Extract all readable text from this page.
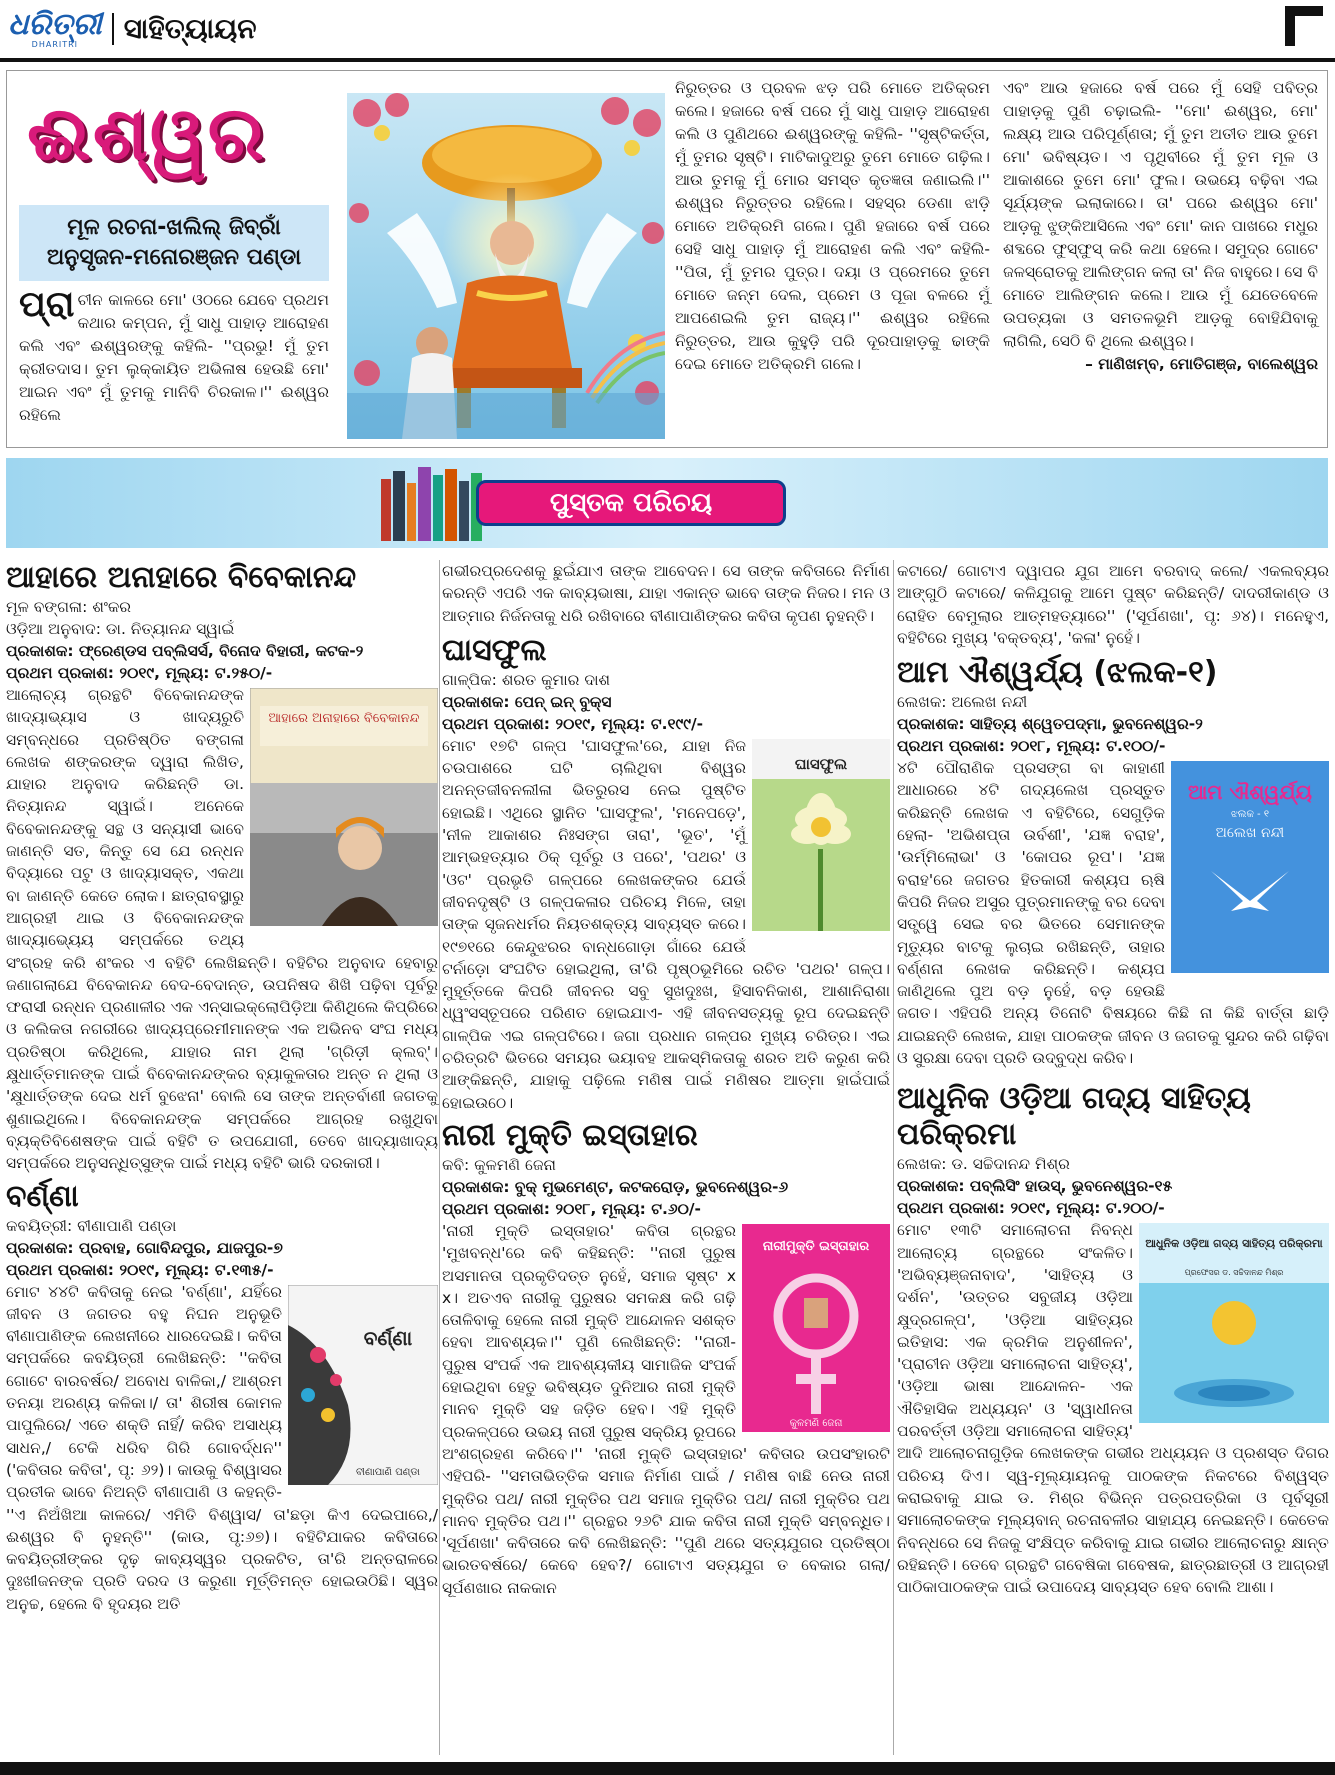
ଧରିତ୍ରୀ
DHARITRI ସାହିତ୍ୟାୟନ
ଈଶ୍ୱର
ମୂଳ ରଚନା-ଖଲିଲ୍ ଜିବ୍ରାଁ
ଅନୁସୃଜନ-ମନୋରଞ୍ଜନ ପଣ୍ଡା
ପ୍ରା ଚୀନ କାଳରେ ମୋ' ଓଠରେ ଯେବେ ପ୍ରଥମ କଥାର କମ୍ପନ, ମୁଁ ସାଧୁ ପାହାଡ଼ ଆରୋହଣ କଲି ଏବଂ ଈଶ୍ୱରଙ୍କୁ କହିଲି- ''ପ୍ରଭୁ! ମୁଁ ତୁମ କ୍ରୀତଦାସ। ତୁମ ଲୁକ୍କାୟିତ ଅଭିଳାଷ ହେଉଛି ମୋ' ଆଇନ ଏବଂ ମୁଁ ତୁମକୁ ମାନିବି ଚିରକାଳ।'' ଈଶ୍ୱର ରହିଲେ
ନିରୁତ୍ତର ଓ ପ୍ରବଳ ଝଡ଼ ପରି ମୋତେ ଅତିକ୍ରମ କଲେ। ହଜାରେ ବର୍ଷ ପରେ ମୁଁ ସାଧୁ ପାହାଡ଼ ଆରୋହଣ କଲି ଓ ପୁଣିଥରେ ଈଶ୍ୱରଙ୍କୁ କହିଲି- ''ସୃଷ୍ଟିକର୍ତ୍ତା, ମୁଁ ତୁମର ସୃଷ୍ଟି। ମାଟିକାଦୁଅରୁ ତୁମେ ମୋତେ ଗଢ଼ିଲ। ଆଉ ତୁମକୁ ମୁଁ ମୋର ସମସ୍ତ କୃତଜ୍ଞତା ଜଣାଇଲି।'' ଈଶ୍ୱର ନିରୁତ୍ତର ରହିଲେ। ସହସ୍ର ଡେଣା ଝାଡ଼ି ମୋତେ ଅତିକ୍ରମି ଗଲେ। ପୁଣି ହଜାରେ ବର୍ଷ ପରେ ସେହି ସାଧୁ ପାହାଡ଼ ମୁଁ ଆରୋହଣ କଲି ଏବଂ କହିଲି- ''ପିତା, ମୁଁ ତୁମର ପୁତ୍ର। ଦୟା ଓ ପ୍ରେମରେ ତୁମେ ମୋତେ ଜନ୍ମ ଦେଲ, ପ୍ରେମ ଓ ପୂଜା ବଳରେ ମୁଁ ଆପଣେଇଲି ତୁମ ରାଜ୍ୟ।'' ଈଶ୍ୱର ରହିଲେ ନିରୁତ୍ତର, ଆଉ କୁହୁଡ଼ି ପରି ଦୂରପାହାଡ଼କୁ ଢାଙ୍କି ଦେଇ ମୋତେ ଅତିକ୍ରମି ଗଲେ।
ଏବଂ ଆଉ ହଜାରେ ବର୍ଷ ପରେ ମୁଁ ସେହି ପବିତ୍ର ପାହାଡ଼କୁ ପୁଣି ଚଢ଼ାଇଲି- ''ମୋ' ଈଶ୍ୱର, ମୋ' ଲକ୍ଷ୍ୟ ଆଉ ପରିପୂର୍ଣ୍ଣତା; ମୁଁ ତୁମ ଅତୀତ ଆଉ ତୁମେ ମୋ' ଭବିଷ୍ୟତ। ଏ ପୃଥିବୀରେ ମୁଁ ତୁମ ମୂଳ ଓ ଆକାଶରେ ତୁମେ ମୋ' ଫୁଲ। ଉଭୟେ ବଢ଼ିବା ଏଇ ସୂର୍ଯ୍ୟଙ୍କ ଇଲାକାରେ। ତା' ପରେ ଈଶ୍ୱର ମୋ' ଆଡ଼କୁ ଝୁଙ୍କିଆସିଲେ ଏବଂ ମୋ' କାନ ପାଖରେ ମଧୁର ଶବ୍ଦରେ ଫୁସ୍‌ଫୁସ୍ କରି କଥା ହେଲେ। ସମୁଦ୍ର ଗୋଟେ ଜଳସ୍ରୋତକୁ ଆଲିଙ୍ଗନ କଲା ତା' ନିଜ ବାହୁରେ। ସେ ବି ମୋତେ ଆଲିଙ୍ଗନ କଲେ। ଆଉ ମୁଁ ଯେତେବେଳେ ଉପତ୍ୟକା ଓ ସମତଳଭୂମି ଆଡ଼କୁ ବୋହିଯିବାକୁ ଲାଗିଲି, ସେଠି ବି ଥିଲେ ଈଶ୍ୱର।
– ମାଣିଖମ୍ବ, ମୋତିଗଞ୍ଜ, ବାଲେଶ୍ୱର
ପୁସ୍ତକ ପରିଚୟ
ଆହାରେ ଅନାହାରେ ବିବେକାନନ୍ଦ
ମୂଳ ବଙ୍ଗଳା: ଶଂକର
ଓଡ଼ିଆ ଅନୁବାଦ: ଡା. ନିତ୍ୟାନନ୍ଦ ସ୍ୱାଇଁ
ପ୍ରକାଶକ: ଫ୍ରେଣ୍ଡସ ପବ୍ଲିସର୍ସ, ବିନୋଦ ବିହାରୀ, କଟକ-୨
ପ୍ରଥମ ପ୍ରକାଶ: ୨୦୧୯, ମୂଲ୍ୟ: ଟ.୨୫୦/-
ଆହାରେ ଅନାହାରେ ବିବେକାନନ୍ଦ
ଆଲୋଚ୍ୟ ଗ୍ରନ୍ଥଟି ବିବେକାନନ୍ଦଙ୍କ ଖାଦ୍ୟାଭ୍ୟାସ ଓ ଖାଦ୍ୟରୁଚି ସମ୍ବନ୍ଧରେ ପ୍ରତିଷ୍ଠିତ ବଙ୍ଗଳା ଲେଖକ ଶଙ୍କରଙ୍କ ଦ୍ୱାରା ଲିଖିତ, ଯାହାର ଅନୁବାଦ କରିଛନ୍ତି ଡା. ନିତ୍ୟାନନ୍ଦ ସ୍ୱାଇଁ। ଅନେକେ ବିବେକାନନ୍ଦଙ୍କୁ ସନ୍ଥ ଓ ସନ୍ୟାସୀ ଭାବେ ଜାଣନ୍ତି ସତ, କିନ୍ତୁ ସେ ଯେ ରନ୍ଧନ ବିଦ୍ୟାରେ ପଟୁ ଓ ଖାଦ୍ୟାସକ୍ତ, ଏକଥା ବା ଜାଣନ୍ତି କେତେ ଲୋକ। ଛାତ୍ରାବସ୍ଥାରୁ ଆଗ୍ରହୀ ଥାଇ ଓ ବିବେକାନନ୍ଦଙ୍କ ଖାଦ୍ୟାଭ୍ୟେୟ ସମ୍ପର୍କରେ ତଥ୍ୟ ସଂଗ୍ରହ କରି ଶଂକର ଏ ବହିଟି ଲେଖିଛନ୍ତି। ବହିଟିର ଅନୁବାଦ ହେବାରୁ ଜଣାଗଲାଯେ ବିବେକାନନ୍ଦ ବେଦ-ବେଦାନ୍ତ, ଉପନିଷଦ ଶିଖି ପଢ଼ିବା ପୂର୍ବରୁ ଫରାସୀ ରନ୍ଧନ ପ୍ରଣାଳୀର ଏକ ଏନ୍‌ସାଇକ୍ଲୋପିଡ଼ିଆ କିଣିଥିଲେ କିପ୍ରିରେ ଓ କଲିକତା ନଗରୀରେ ଖାଦ୍ୟପ୍ରେମୀମାନଙ୍କ ଏକ ଅଭିନବ ସଂଘ ମଧ୍ୟ ପ୍ରତିଷ୍ଠା କରିଥିଲେ, ଯାହାର ନାମ ଥିଲା 'ଗ୍ରିଡ଼ୀ କ୍ଲବ୍'। କ୍ଷୁଧାର୍ତ୍ତମାନଙ୍କ ପାଇଁ ବିବେକାନନ୍ଦଙ୍କର ବ୍ୟାକୁଳତାର ଅନ୍ତ ନ ଥିଲା ଓ 'କ୍ଷୁଧାର୍ତ୍ତଙ୍କ ଦେଇ ଧର୍ମ ବୁଝେନା' ବୋଲି ସେ ତାଙ୍କ ଅନ୍ତର୍ବାଣୀ ଜଗତକୁ ଶୁଣାଇଥିଲେ। ବିବେକାନନ୍ଦଙ୍କ ସମ୍ପର୍କରେ ଆଗ୍ରହ ରଖୁଥିବା ବ୍ୟକ୍ତିବିଶେଷଙ୍କ ପାଇଁ ବହିଟି ତ ଉପଯୋଗୀ, ତେବେ ଖାଦ୍ୟାଖାଦ୍ୟ ସମ୍ପର୍କରେ ଅନୁସନ୍ଧିତ୍ସୁଙ୍କ ପାଇଁ ମଧ୍ୟ ବହିଟି ଭାରି ଦରକାରୀ।
ବର୍ଣ୍ଣା
କବୟିତ୍ରୀ: ବୀଣାପାଣି ପଣ୍ଡା
ପ୍ରକାଶକ: ପ୍ରବାହ, ଗୋବିନ୍ଦପୁର, ଯାଜପୁର-୭
ପ୍ରଥମ ପ୍ରକାଶ: ୨୦୧୯, ମୂଲ୍ୟ: ଟ.୧୩୫/-
ବର୍ଣ୍ଣା
ବୀଣାପାଣି ପଣ୍ଡା
ମୋଟ ୪୪ଟି କବିତାକୁ ନେଇ 'ବର୍ଣ୍ଣା', ଯହିଁରେ ଜୀବନ ଓ ଜଗତର ବହୁ ନିଘନ ଅନୁଭୂତି ବୀଣାପାଣିଙ୍କ ଲେଖନୀରେ ଧାରଦେଇଛି। କବିତା ସମ୍ପର୍କରେ କବୟିତ୍ରୀ ଲେଖିଛନ୍ତି: ''କବିତା ଗୋଟେ ବାରବର୍ଷର/ ଅବୋଧ ବାଳିକା,/ ଆଶ୍ରମ ତନୟା ଅରଣ୍ୟ କଳିକା।/ ତା' ଶିରୀଷ କୋମଳ ପାପୁଲିରେ/ ଏତେ ଶକ୍ତି ନାହିଁ/ କରିବ ଅସାଧ୍ୟ ସାଧନ,/ ଟେକି ଧରିବ ଗିରି ଗୋବର୍ଦ୍ଧନ'' ('କବିତାର କବିତା', ପୃ: ୬୨)। କାଉକୁ ବିଶ୍ୱାସର ପ୍ରତୀକ ଭାବେ ନିଅନ୍ତି ବୀଣାପାଣି ଓ କହନ୍ତି- ''ଏ ନିଅଁଖିଆ କାଳରେ/ ଏମିତି ବିଶ୍ୱାସ/ ତା'ଛଡ଼ା କିଏ ଦେଇପାରେ,/ ଈଶ୍ୱର ବି ନୁହନ୍ତି'' (କାଉ, ପୃ:୬୭)। ବହିଟିଯାକର କବିତାରେ କବୟିତ୍ରୀଙ୍କର ଦୃଢ଼ କାବ୍ୟସ୍ୱର ପ୍ରକଟିତ, ତା'ରି ଅନ୍ତରାଳରେ ଦୁଃଖୀଜନଙ୍କ ପ୍ରତି ଦରଦ ଓ କରୁଣା ମୂର୍ତ୍ତିମନ୍ତ ହୋଇଉଠିଛି। ସ୍ୱର ଅନୁଚ୍ଚ, ହେଲେ ବି ହୃଦୟର ଅତି
ଗଭୀରପ୍ରଦେଶକୁ ଛୁଇଁଯାଏ ତାଙ୍କ ଆବେଦନ। ସେ ତାଙ୍କ କବିତାରେ ନିର୍ମାଣ କରନ୍ତି ଏପରି ଏକ କାବ୍ୟଭାଷା, ଯାହା ଏକାନ୍ତ ଭାବେ ତାଙ୍କ ନିଜର। ମନ ଓ ଆତ୍ମାର ନିର୍ଜନତାକୁ ଧରି ରଖିବାରେ ବୀଣାପାଣିଙ୍କର କବିତା କୃପଣ ନୁହନ୍ତି।
ଘାସଫୁଲ
ଗାଳ୍ପିକ: ଶରତ କୁମାର ଦାଶ
ପ୍ରକାଶକ: ପେନ୍ ଇନ୍ ବୁକ୍ସ
ପ୍ରଥମ ପ୍ରକାଶ: ୨୦୧୯, ମୂଲ୍ୟ: ଟ.୧୯୯/-
ଘାସଫୁଲ
ମୋଟ ୧୭ଟି ଗଳ୍ପ 'ଘାସଫୁଲ'ରେ, ଯାହା ନିଜ ଚଉପାଶରେ ଘଟି ଚାଲିଥିବା ବିଶ୍ୱର ଅନନ୍ତଜୀବନଲୀଳା ଭିତରୁରସ ନେଇ ପୁଷ୍ଟିତ ହୋଇଛି। ଏଥିରେ ସ୍ଥାନିତ 'ଘାସଫୁଲ', 'ମନେପଡ଼େ', 'ନୀଳ ଆକାଶର ନିଃସଙ୍ଗ ତାରା', 'ଭୂତ', 'ମୁଁ ଆମ୍ଭହତ୍ୟାର ଠିକ୍ ପୂର୍ବରୁ ଓ ପରେ', 'ପଥର' ଓ 'ଓଟ' ପ୍ରଭୃତି ଗଳ୍ପରେ ଲେଖକଙ୍କର ଯେଉଁ ଜୀବନଦୃଷ୍ଟି ଓ ଗଳ୍ପକଳାର ପରିଚୟ ମିଳେ, ତାହା ତାଙ୍କ ସୃଜନଧର୍ମର ନିୟତଶକ୍ତ୍ୟ ସାବ୍ୟସ୍ତ କରେ। ୧୯୭୧ରେ କେନ୍ଦୁଝରର ବାନ୍ଧଗୋଡ଼ା ଗାଁରେ ଯେଉଁ ଟର୍ନାଡ଼ୋ ସଂଘଟିତ ହୋଇଥିଲା, ତା'ରି ପୃଷ୍ଠଭୂମିରେ ରଚିତ 'ପଥର' ଗଳ୍ପ। ମୁହୂର୍ତ୍ତକେ କିପରି ଜୀବନର ସବୁ ସୁଖଦୁଃଖ, ହିସାବନିକାଶ, ଆଶାନିରାଶା ଧ୍ୱଂସସ୍ତୂପରେ ପରିଣତ ହୋଇଯାଏ- ଏହି ଜୀବନସତ୍ୟକୁ ରୂପ ଦେଇଛନ୍ତି ଗାଳ୍ପିକ ଏଇ ଗଳ୍ପଟିରେ। ଜଗା ପ୍ରଧାନ ଗଳ୍ପର ମୁଖ୍ୟ ଚରିତ୍ର। ଏଇ ଚରିତ୍ରଟି ଭିତରେ ସମୟର ଭୟାବହ ଆକସ୍ମିକତାକୁ ଶରତ ଅତି କରୁଣ କରି ଆଙ୍କିଛନ୍ତି, ଯାହାକୁ ପଢ଼ିଲେ ମଣିଷ ପାଇଁ ମଣିଷର ଆତ୍ମା ହାଇଁପାଇଁ ହୋଇଉଠେ।
ନାରୀ ମୁକ୍ତି ଇସ୍ତାହାର
କବି: କୁଳମଣି ଜେନା
ପ୍ରକାଶକ: ବୁକ୍ ମୁଭମେଣ୍ଟ, କଟକରୋଡ଼, ଭୁବନେଶ୍ୱର-୬
ପ୍ରଥମ ପ୍ରକାଶ: ୨୦୧୮, ମୂଲ୍ୟ: ଟ.୬୦/-
ନାରୀମୁକ୍ତି ଇସ୍ତାହାର
କୁଳମଣି ଜେନା
'ନାରୀ ମୁକ୍ତି ଇସ୍ତାହାର' କବିତା ଗ୍ରନ୍ଥର 'ମୁଖବନ୍ଧ'ରେ କବି କହିଛନ୍ତି: ''ନାରୀ ପୁରୁଷ ଅସମାନତା ପ୍ରକୃତିଦତ୍ତ ନୁହେଁ, ସମାଜ ସୃଷ୍ଟ x x। ଅତଏବ ନାରୀକୁ ପୁରୁଷର ସମକକ୍ଷ କରି ଗଢ଼ି ତୋଳିବାକୁ ହେଲେ ନାରୀ ମୁକ୍ତି ଆନ୍ଦୋଳନ ସଶକ୍ତ ହେବା ଆବଶ୍ୟକ।'' ପୁଣି ଲେଖିଛନ୍ତି: ''ନାରୀ-ପୁରୁଷ ସଂପର୍କ ଏକ ଆବଶ୍ୟକୀୟ ସାମାଜିକ ସଂପର୍କ ହୋଇଥିବା ହେତୁ ଭବିଷ୍ୟତ ଦୁନିଆର ନାରୀ ମୁକ୍ତି ମାନବ ମୁକ୍ତି ସହ ଜଡ଼ିତ ହେବ। ଏହି ମୁକ୍ତି ପ୍ରକଳ୍ପରେ ଉଭୟ ନାରୀ ପୁରୁଷ ସକ୍ରିୟ ରୂପରେ ଅଂଶଗ୍ରହଣ କରିବେ।'' 'ନାରୀ ମୁକ୍ତି ଇସ୍ତାହାର' କବିତାର ଉପସଂହାରଟି ଏହିପରି- ''ସମତାଭିତ୍ତିକ ସମାଜ ନିର୍ମାଣ ପାଇଁ / ମଣିଷ ବାଛି ନେଉ ନାରୀ ମୁକ୍ତିର ପଥ/ ନାରୀ ମୁକ୍ତିର ପଥ ସମାଜ ମୁକ୍ତିର ପଥ/ ନାରୀ ମୁକ୍ତିର ପଥ ମାନବ ମୁକ୍ତିର ପଥ।'' ଗ୍ରନ୍ଥର ୨୬ଟି ଯାକ କବିତା ନାରୀ ମୁକ୍ତି ସମ୍ବନ୍ଧିତ। 'ସୂର୍ପଣଖା' କବିତାରେ କବି ଲେଖିଛନ୍ତି: ''ପୁଣି ଥରେ ସତ୍ୟଯୁଗର ପ୍ରତିଷ୍ଠା ଭାରତବର୍ଷରେ/ କେବେ ହେବ?/ ଗୋଟାଏ ସତ୍ୟଯୁଗ ତ ବେକାର ଗଲା/ ସୂର୍ପଣଖାର ନାକକାନ
କଟାରେ/ ଗୋଟାଏ ଦ୍ୱାପର ଯୁଗ ଆମେ ବରବାଦ୍ କଲେ/ ଏକଲବ୍ୟର ଆଙ୍ଗୁଠି କଟାରେ/ କଳିଯୁଗକୁ ଆମେ ପୁଷ୍ଟ କରିଛନ୍ତି/ ଦାଦରୀକାଣ୍ଡ ଓ ରୋହିତ ବେମୁଲାର ଆତ୍ମହତ୍ୟାରେ'' ('ସୂର୍ପଣଖା', ପୃ: ୬୪)। ମନେହୁଏ, ବହିଟିରେ ମୁଖ୍ୟ 'ବକ୍ତବ୍ୟ', 'କଳା' ନୁହେଁ।
ଆମ ଐଶ୍ୱର୍ଯ୍ୟ (ଝଲକ-୧)
ଲେଖକ: ଅଲେଖ ନନ୍ଦୀ
ପ୍ରକାଶକ: ସାହିତ୍ୟ ଶ୍ୱେତପଦ୍ମା, ଭୁବନେଶ୍ୱର-୨
ପ୍ରଥମ ପ୍ରକାଶ: ୨୦୧୮, ମୂଲ୍ୟ: ଟ.୧୦୦/-
ଆମ ଐଶ୍ୱର୍ଯ୍ୟ
ଝଲକ - ୧
ଅଲେଖ ନନ୍ଦୀ
୪ଟି ପୌରାଣିକ ପ୍ରସଙ୍ଗ ବା କାହାଣୀ ଆଧାରରେ ୪ଟି ଗଦ୍ୟଲେଖ ପ୍ରସ୍ତୁତ କରିଛନ୍ତି ଲେଖକ ଏ ବହିଟିରେ, ସେଗୁଡ଼ିକ ହେଲା- 'ଅଭିଶପ୍ତା ଉର୍ବଶୀ', 'ଯଜ୍ଞ ବରାହ', 'ଉର୍ମ୍ମିଲୋଭା' ଓ 'କୋପର ରୂପ'। 'ଯଜ୍ଞ ବରାହ'ରେ ଜଗତର ହିତକାରୀ କଶ୍ୟପ ଋଷି କିପରି ନିଜର ଅସୁର ପୁତ୍ରମାନଙ୍କୁ ବର ଦେବା ସତ୍ତ୍ୱେ ସେଇ ବର ଭିତରେ ସେମାନଙ୍କ ମୃତ୍ୟୁର ବାଟକୁ ଲୁଚାଇ ରଖିଛନ୍ତି, ତାହାର ବର୍ଣ୍ଣନା ଲେଖକ କରିଛନ୍ତି। କଶ୍ୟପ ଜାଣିଥିଲେ ପୁଅ ବଡ଼ ନୁହେଁ, ବଡ଼ ହେଉଛି ଜଗତ। ଏହିପରି ଅନ୍ୟ ତିନୋଟି ବିଷୟରେ କିଛି ନା କିଛି ବାର୍ତ୍ତା ଛାଡ଼ି ଯାଇଛନ୍ତି ଲେଖକ, ଯାହା ପାଠକଙ୍କ ଜୀବନ ଓ ଜଗତକୁ ସୁନ୍ଦର କରି ଗଢ଼ିବା ଓ ସୁରକ୍ଷା ଦେବା ପ୍ରତି ଉଦ୍ବୁଦ୍ଧ କରିବ।
ଆଧୁନିକ ଓଡ଼ିଆ ଗଦ୍ୟ ସାହିତ୍ୟ ପରିକ୍ରମା
ଲେଖକ: ଡ. ସଚ୍ଚିଦାନନ୍ଦ ମିଶ୍ର
ପ୍ରକାଶକ: ପବ୍ଲିସିଂ ହାଉସ୍, ଭୁବନେଶ୍ୱର-୧୫
ପ୍ରଥମ ପ୍ରକାଶ: ୨୦୧୯, ମୂଲ୍ୟ: ଟ.୨୦୦/-
ଆଧୁନିକ ଓଡ଼ିଆ ଗଦ୍ୟ ସାହିତ୍ୟ ପରିକ୍ରମା
ପ୍ରଫେସର ଡ. ସଚ୍ଚିଦାନନ୍ଦ ମିଶ୍ର
ମୋଟ ୧୩ଟି ସମାଲୋଚନା ନିବନ୍ଧ ଆଲୋଚ୍ୟ ଗ୍ରନ୍ଥରେ ସଂକଳିତ। 'ଅଭିବ୍ୟଞ୍ଜନାବାଦ', 'ସାହିତ୍ୟ ଓ ଦର୍ଶନ', 'ଉତ୍ତର ସବୁଜୀୟ ଓଡ଼ିଆ କ୍ଷୁଦ୍ରଗଳ୍ପ', 'ଓଡ଼ିଆ ସାହିତ୍ୟର ଇତିହାସ: ଏକ କ୍ରମିକ ଅନୁଶୀଳନ', 'ପ୍ରାଚୀନ ଓଡ଼ିଆ ସମାଲୋଚନା ସାହିତ୍ୟ', 'ଓଡ଼ିଆ ଭାଷା ଆନ୍ଦୋଳନ- ଏକ ଐତିହାସିକ ଅଧ୍ୟୟନ' ଓ 'ସ୍ୱାଧୀନତା ପରବର୍ତ୍ତୀ ଓଡ଼ିଆ ସମାଲୋଚନା ସାହିତ୍ୟ' ଆଦି ଆଲୋଚନାଗୁଡ଼ିକ ଲେଖକଙ୍କ ଗଭୀର ଅଧ୍ୟୟନ ଓ ପ୍ରଶସ୍ତ ଦିଗର ପରିଚୟ ଦିଏ। ସ୍ୱ-ମୂଲ୍ୟାୟନକୁ ପାଠକଙ୍କ ନିକଟରେ ବିଶ୍ୱସ୍ତ କରାଇବାକୁ ଯାଇ ଡ. ମିଶ୍ର ବିଭିନ୍ନ ପତ୍ରପତ୍ରିକା ଓ ପୂର୍ବସୂରୀ ସମାଲୋଚକଙ୍କ ମୂଲ୍ୟବାନ୍ ରଚନାବଳୀର ସାହାଯ୍ୟ ନେଇଛନ୍ତି। କେତେକ ନିବନ୍ଧରେ ସେ ନିଜକୁ ସଂକ୍ଷିପ୍ତ କରିବାକୁ ଯାଇ ଗଭୀର ଆଲୋଚନାରୁ କ୍ଷାନ୍ତ ରହିଛନ୍ତି। ତେବେ ଗ୍ରନ୍ଥଟି ଗବେଷିକା ଗବେଷକ, ଛାତ୍ରଛାତ୍ରୀ ଓ ଆଗ୍ରହୀ ପାଠିକାପାଠକଙ୍କ ପାଇଁ ଉପାଦେୟ ସାବ୍ୟସ୍ତ ହେବ ବୋଲି ଆଶା।
